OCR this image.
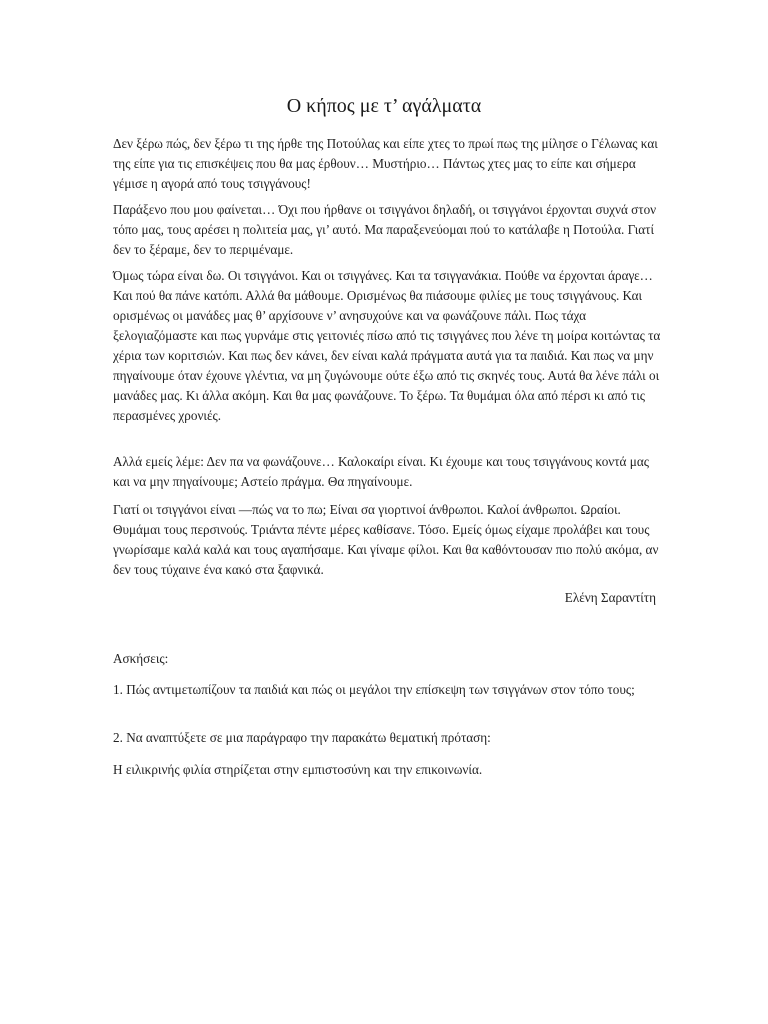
Ο κήπος με τ’ αγάλματα

Δεν ξέρω πώς, δεν ξέρω τι της ήρθε της Ποτούλας και είπε χτες το πρωί πως της μίλησε ο Γέλωνας και της είπε για τις επισκέψεις που θα μας έρθουν… Μυστήριο… Πάντως χτες μας το είπε και σήμερα γέμισε η αγορά από τους τσιγγάνους!

Παράξενο που μου φαίνεται… Όχι που ήρθανε οι τσιγγάνοι δηλαδή, οι τσιγγάνοι έρχονται συχνά στον τόπο μας, τους αρέσει η πολιτεία μας, γι’ αυτό. Μα παραξενεύομαι πού το κατάλαβε η Ποτούλα. Γιατί δεν το ξέραμε, δεν το περιμέναμε.

Όμως τώρα είναι δω. Οι τσιγγάνοι. Και οι τσιγγάνες. Και τα τσιγγανάκια. Πούθε να έρχονται άραγε… Και πού θα πάνε κατόπι. Αλλά θα μάθουμε. Ορισμένως θα πιάσουμε φιλίες με τους τσιγγάνους. Και ορισμένως οι μανάδες μας θ’ αρχίσουνε ν’ ανησυχούνε και να φωνάζουνε πάλι. Πως τάχα ξελογιαζόμαστε και πως γυρνάμε στις γειτονιές πίσω από τις τσιγγάνες που λένε τη μοίρα κοιτώντας τα χέρια των κοριτσιών. Και πως δεν κάνει, δεν είναι καλά πράγματα αυτά για τα παιδιά. Και πως να μην πηγαίνουμε όταν έχουνε γλέντια, να μη ζυγώνουμε ούτε έξω από τις σκηνές τους. Αυτά θα λένε πάλι οι μανάδες μας. Κι άλλα ακόμη. Και θα μας φωνάζουνε. Το ξέρω. Τα θυμάμαι όλα από πέρσι κι από τις περασμένες χρονιές.

Αλλά εμείς λέμε: Δεν πα να φωνάζουνε… Καλοκαίρι είναι. Κι έχουμε και τους τσιγγάνους κοντά μας και να μην πηγαίνουμε; Αστείο πράγμα. Θα πηγαίνουμε.

Γιατί οι τσιγγάνοι είναι —πώς να το πω; Είναι σα γιορτινοί άνθρωποι. Καλοί άνθρωποι. Ωραίοι. Θυμάμαι τους περσινούς. Τριάντα πέντε μέρες καθίσανε. Τόσο. Εμείς όμως είχαμε προλάβει και τους γνωρίσαμε καλά καλά και τους αγαπήσαμε. Και γίναμε φίλοι. Και θα καθόντουσαν πιο πολύ ακόμα, αν δεν τους τύχαινε ένα κακό στα ξαφνικά.

Ελένη Σαραντίτη

Ασκήσεις:

1. Πώς αντιμετωπίζουν τα παιδιά και πώς οι μεγάλοι την επίσκεψη των τσιγγάνων στον τόπο τους;

2. Να αναπτύξετε σε μια παράγραφο την παρακάτω θεματική πρόταση:

Η ειλικρινής φιλία στηρίζεται στην εμπιστοσύνη και την επικοινωνία.
